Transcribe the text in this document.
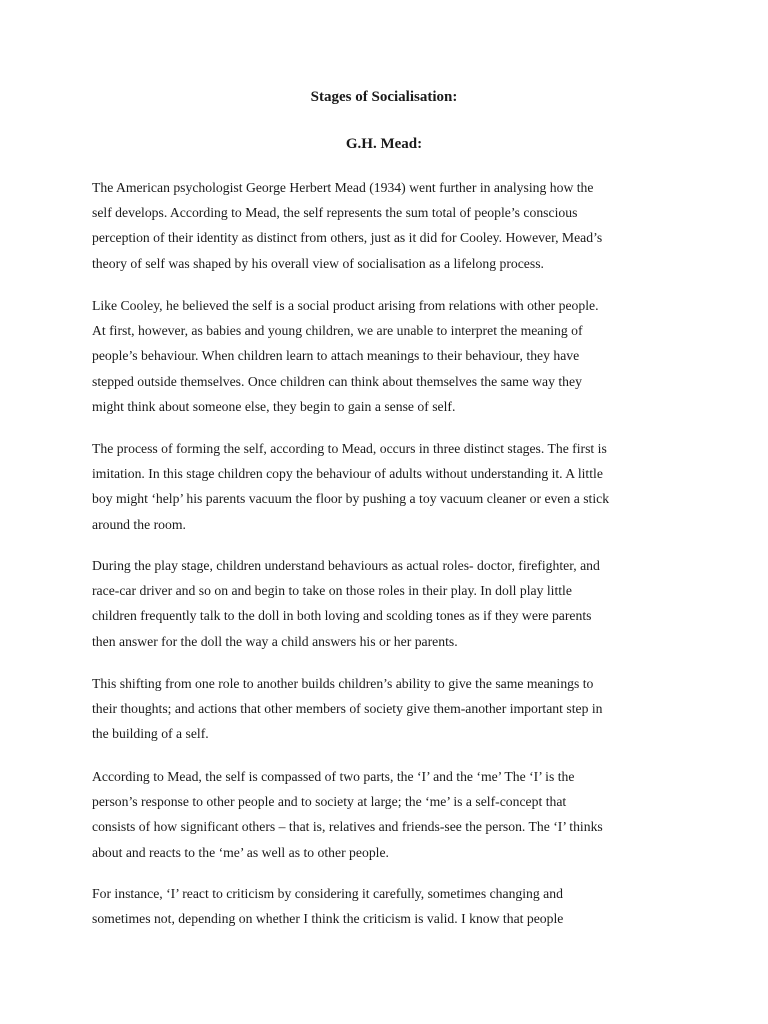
Stages of Socialisation:
G.H. Mead:

The American psychologist George Herbert Mead (1934) went further in analysing how the
self develops. According to Mead, the self represents the sum total of people’s conscious
perception of their identity as distinct from others, just as it did for Cooley. However, Mead’s
theory of self was shaped by his overall view of socialisation as a lifelong process.

Like Cooley, he believed the self is a social product arising from relations with other people.
At first, however, as babies and young children, we are unable to interpret the meaning of
people’s behaviour. When children learn to attach meanings to their behaviour, they have
stepped outside themselves. Once children can think about themselves the same way they
might think about someone else, they begin to gain a sense of self.

The process of forming the self, according to Mead, occurs in three distinct stages. The first is
imitation. In this stage children copy the behaviour of adults without understanding it. A little
boy might ‘help’ his parents vacuum the floor by pushing a toy vacuum cleaner or even a stick
around the room.

During the play stage, children understand behaviours as actual roles- doctor, firefighter, and
race-car driver and so on and begin to take on those roles in their play. In doll play little
children frequently talk to the doll in both loving and scolding tones as if they were parents
then answer for the doll the way a child answers his or her parents.

This shifting from one role to another builds children’s ability to give the same meanings to
their thoughts; and actions that other members of society give them-another important step in
the building of a self.

According to Mead, the self is compassed of two parts, the ‘I’ and the ‘me’ The ‘I’ is the
person’s response to other people and to society at large; the ‘me’ is a self-concept that
consists of how significant others – that is, relatives and friends-see the person. The ‘I’ thinks
about and reacts to the ‘me’ as well as to other people.

For instance, ‘I’ react to criticism by considering it carefully, sometimes changing and
sometimes not, depending on whether I think the criticism is valid. I know that people
